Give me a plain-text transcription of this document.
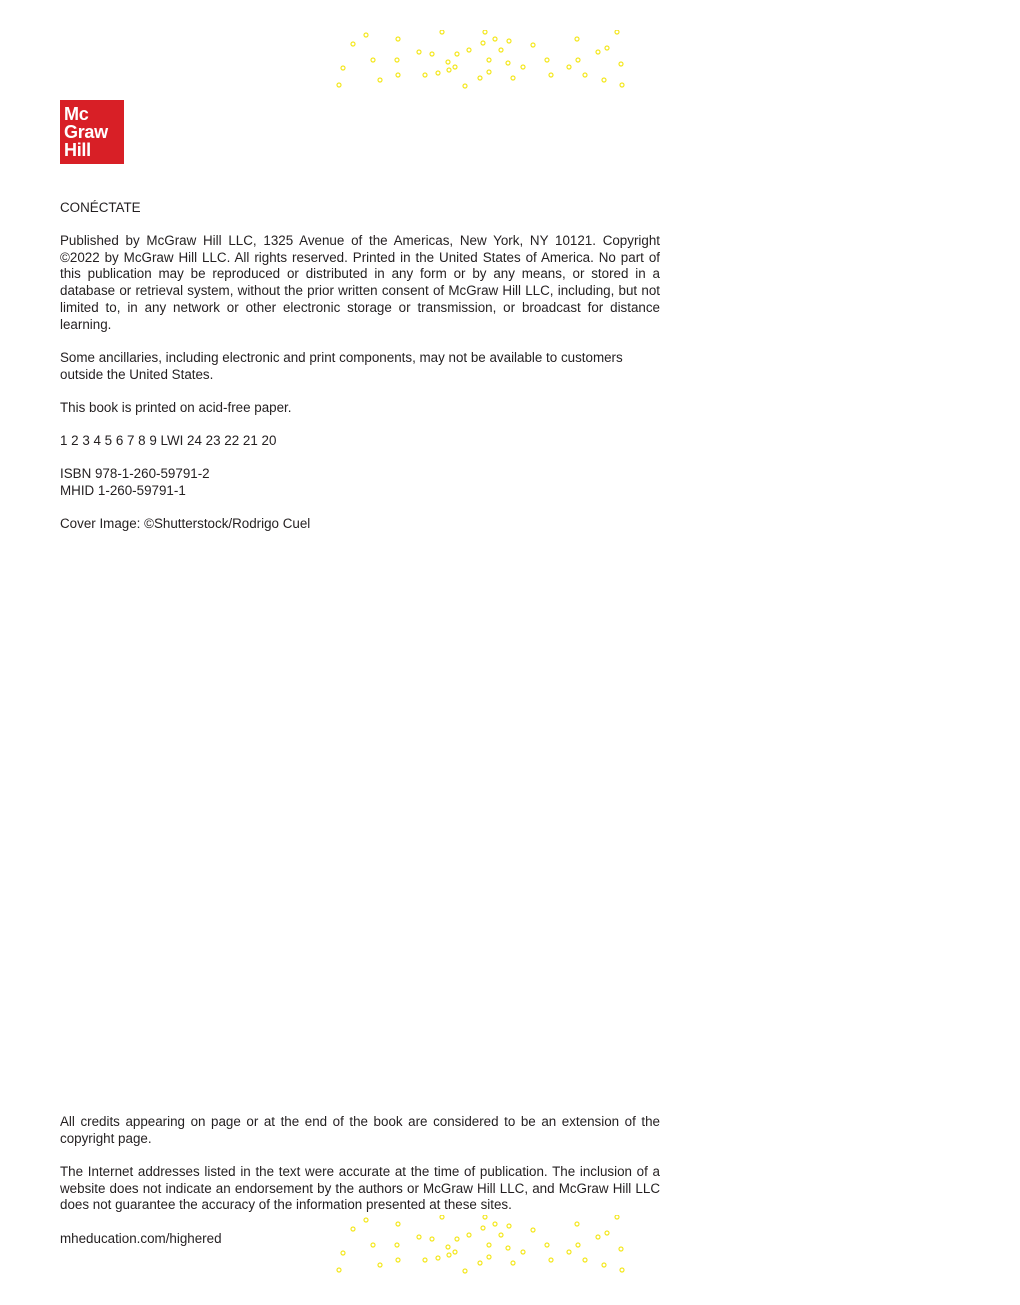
Mc
Graw
Hill
CONÉCTATE
Published by McGraw Hill LLC, 1325 Avenue of the Americas, New York, NY 10121. Copyright ©2022 by McGraw Hill LLC. All rights reserved. Printed in the United States of America. No part of this publication may be reproduced or distributed in any form or by any means, or stored in a database or retrieval system, without the prior written consent of McGraw Hill LLC, including, but not limited to, in any network or other electronic storage or transmission, or broadcast for distance learning.
Some ancillaries, including electronic and print components, may not be available to customers outside the United States.
This book is printed on acid-free paper.
1 2 3 4 5 6 7 8 9 LWI 24 23 22 21 20
ISBN 978-1-260-59791-2
MHID 1-260-59791-1
Cover Image: ©Shutterstock/Rodrigo Cuel
All credits appearing on page or at the end of the book are considered to be an extension of the copyright page.
The Internet addresses listed in the text were accurate at the time of publication. The inclusion of a website does not indicate an endorsement by the authors or McGraw Hill LLC, and McGraw Hill LLC does not guarantee the accuracy of the information presented at these sites.
mheducation.com/highered
